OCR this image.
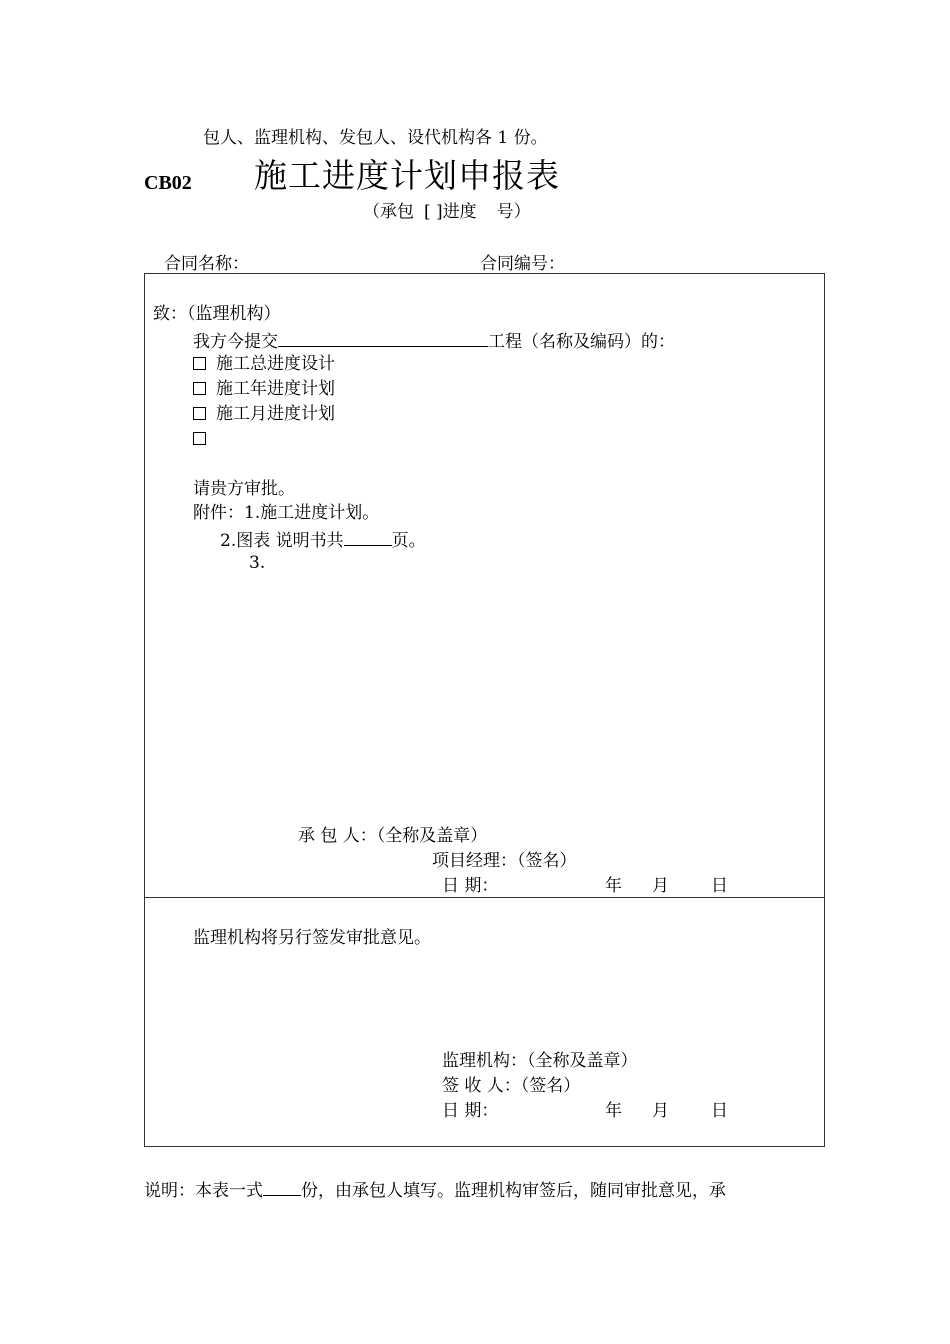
包人、监理机构、发包人、设代机构各 1 份。
CB02 施工进度计划申报表
（承包 [ ]进度 号）
合同名称：	合同编号：
致：（监理机构）
我方今提交	工程（名称及编码）的：
施工总进度设计
施工年进度计划
施工月进度计划
请贵方审批。
附件：1.施工进度计划。
2.图表 说明书共	页。
3.
承 包 人：（全称及盖章）
项目经理：（签名）
日 期：	年 月 日
监理机构将另行签发审批意见。
监理机构：（全称及盖章）
签 收 人：（签名）
日 期：	年 月 日
说明：本表一式 份，由承包人填写。监理机构审签后，随同审批意见，承
